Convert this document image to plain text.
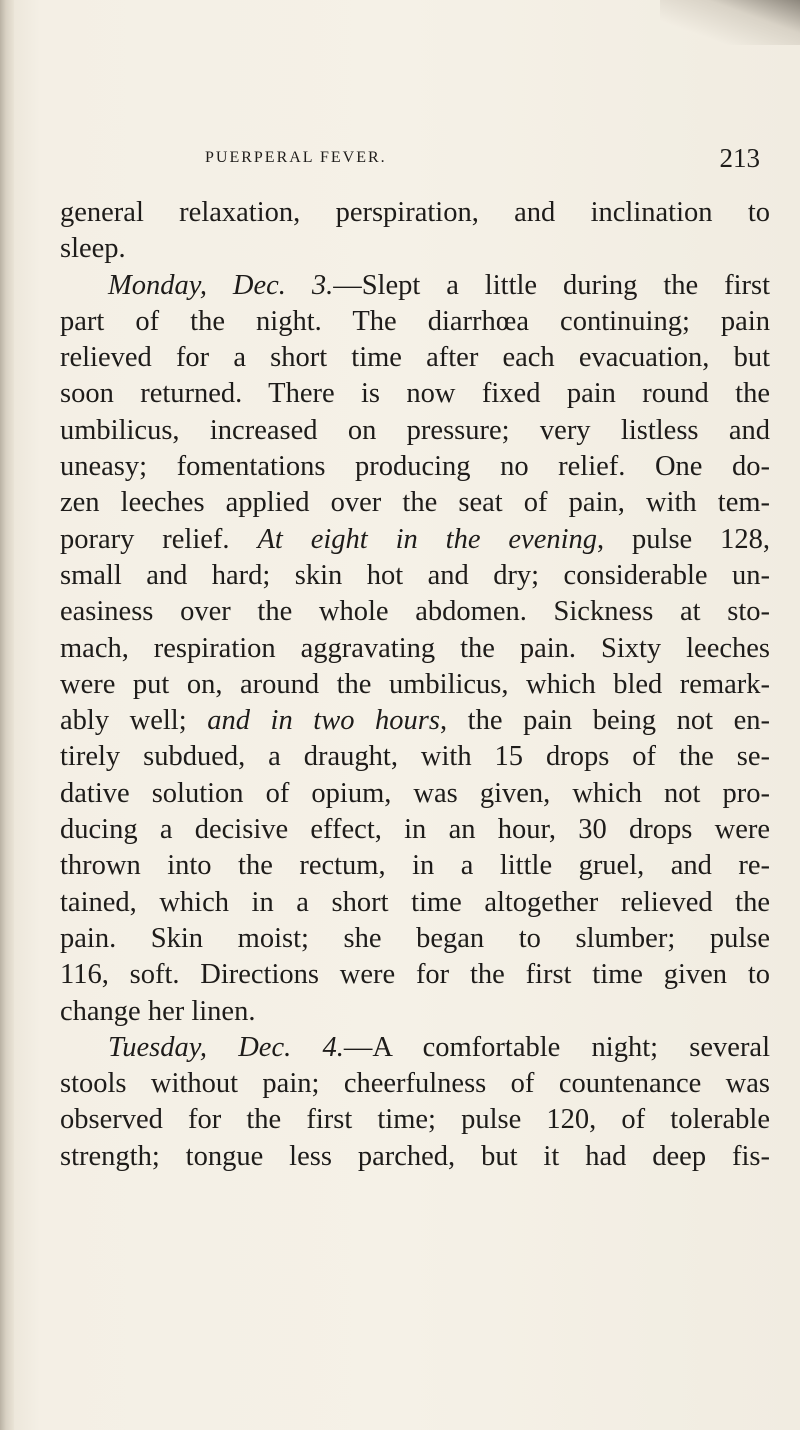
PUERPERAL FEVER.	213
general relaxation, perspiration, and inclination to
sleep.
Monday, Dec. 3.—Slept a little during the first
part of the night. The diarrhœa continuing; pain
relieved for a short time after each evacuation, but
soon returned. There is now fixed pain round the
umbilicus, increased on pressure; very listless and
uneasy; fomentations producing no relief. One do-
zen leeches applied over the seat of pain, with tem-
porary relief. At eight in the evening, pulse 128,
small and hard; skin hot and dry; considerable un-
easiness over the whole abdomen. Sickness at sto-
mach, respiration aggravating the pain. Sixty leeches
were put on, around the umbilicus, which bled remark-
ably well; and in two hours, the pain being not en-
tirely subdued, a draught, with 15 drops of the se-
dative solution of opium, was given, which not pro-
ducing a decisive effect, in an hour, 30 drops were
thrown into the rectum, in a little gruel, and re-
tained, which in a short time altogether relieved the
pain. Skin moist; she began to slumber; pulse
116, soft. Directions were for the first time given to
change her linen.
Tuesday, Dec. 4.—A comfortable night; several
stools without pain; cheerfulness of countenance was
observed for the first time; pulse 120, of tolerable
strength; tongue less parched, but it had deep fis-
